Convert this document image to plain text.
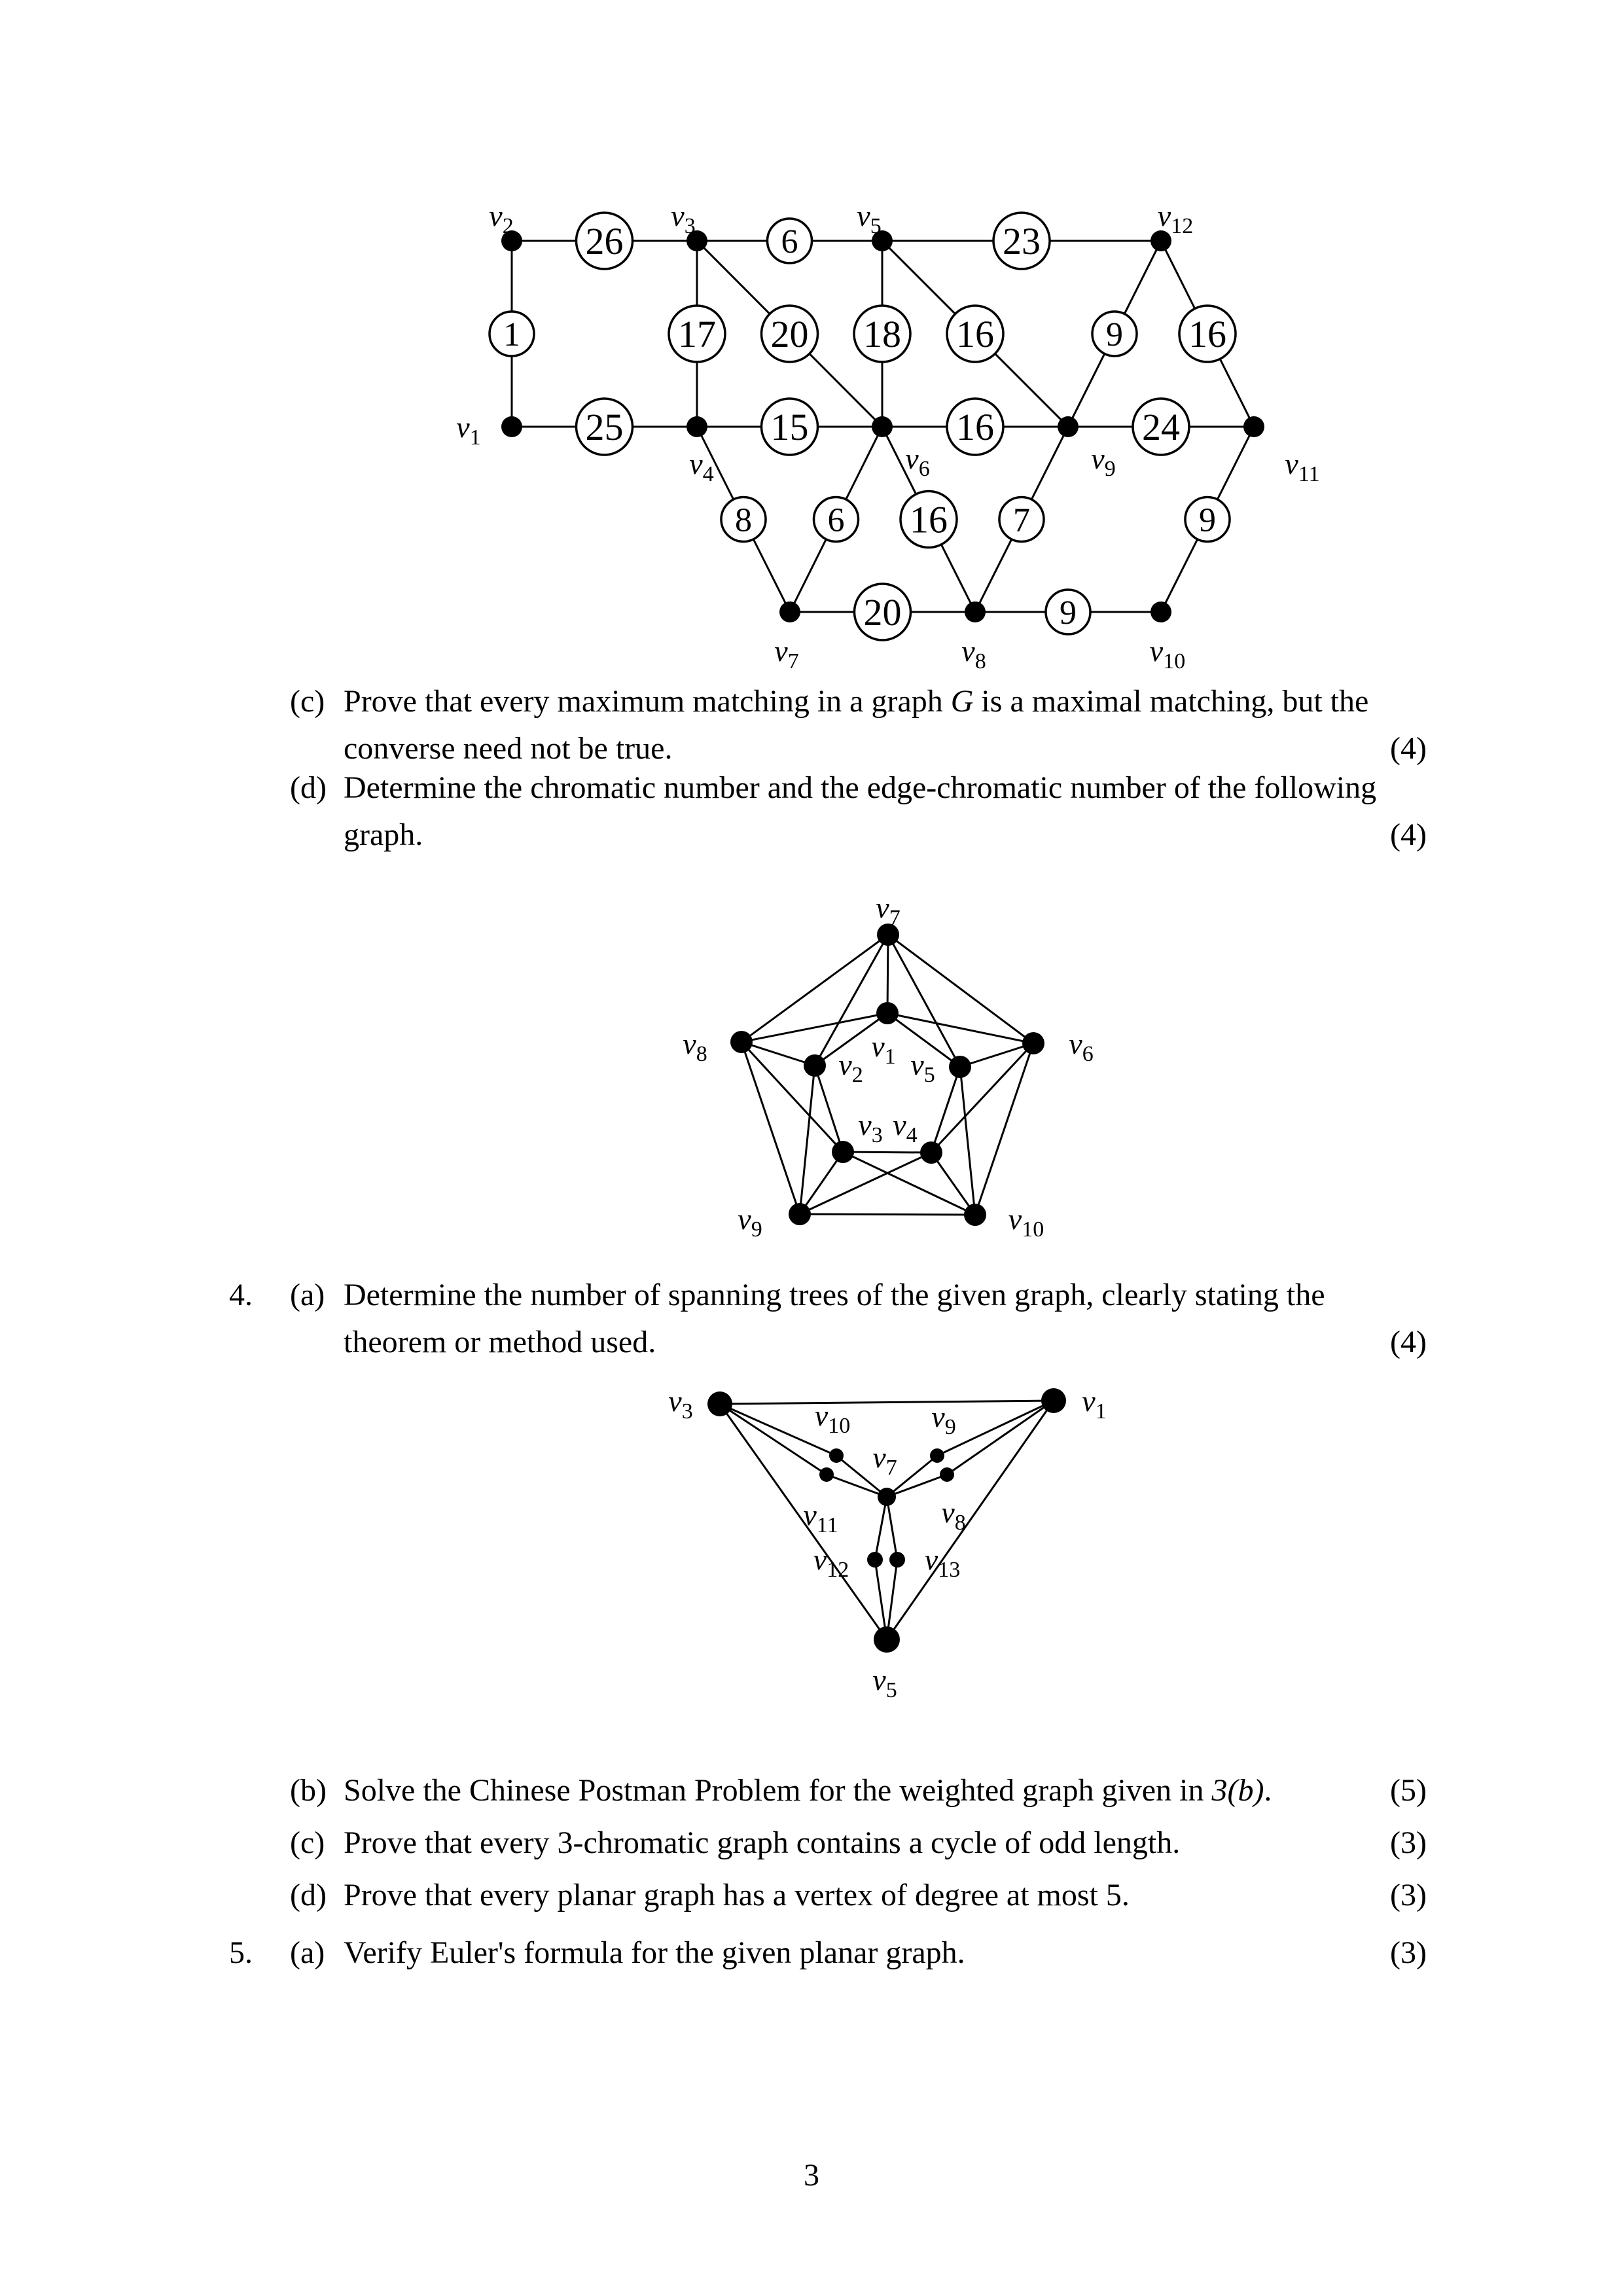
26	6	23
1	17 20 18 16	9 16
25	15	16	24
8 6 16 7	9
20	9
v1
v2	v3
v4
v5
v6
v7	v8
v9
v10
v11
v12
(c) Prove that every maximum matching in a graph G is a maximal matching, but the
converse need not be true.	(4)
(d) Determine the chromatic number and the edge-chromatic number of the following
graph.	(4)
v7
v1
v2 v5
v3 v4
v8	v6
v9	v10
4. (a) Determine the number of spanning trees of the given graph, clearly stating the
theorem or method used.	(4)
v3	v1
v10	v9
v11	v8
v7
v12	v13
v5
(b) Solve the Chinese Postman Problem for the weighted graph given in 3(b).	(5)
(c) Prove that every 3-chromatic graph contains a cycle of odd length.	(3)
(d) Prove that every planar graph has a vertex of degree at most 5.	(3)
5. (a) Verify Euler's formula for the given planar graph.	(3)
3
